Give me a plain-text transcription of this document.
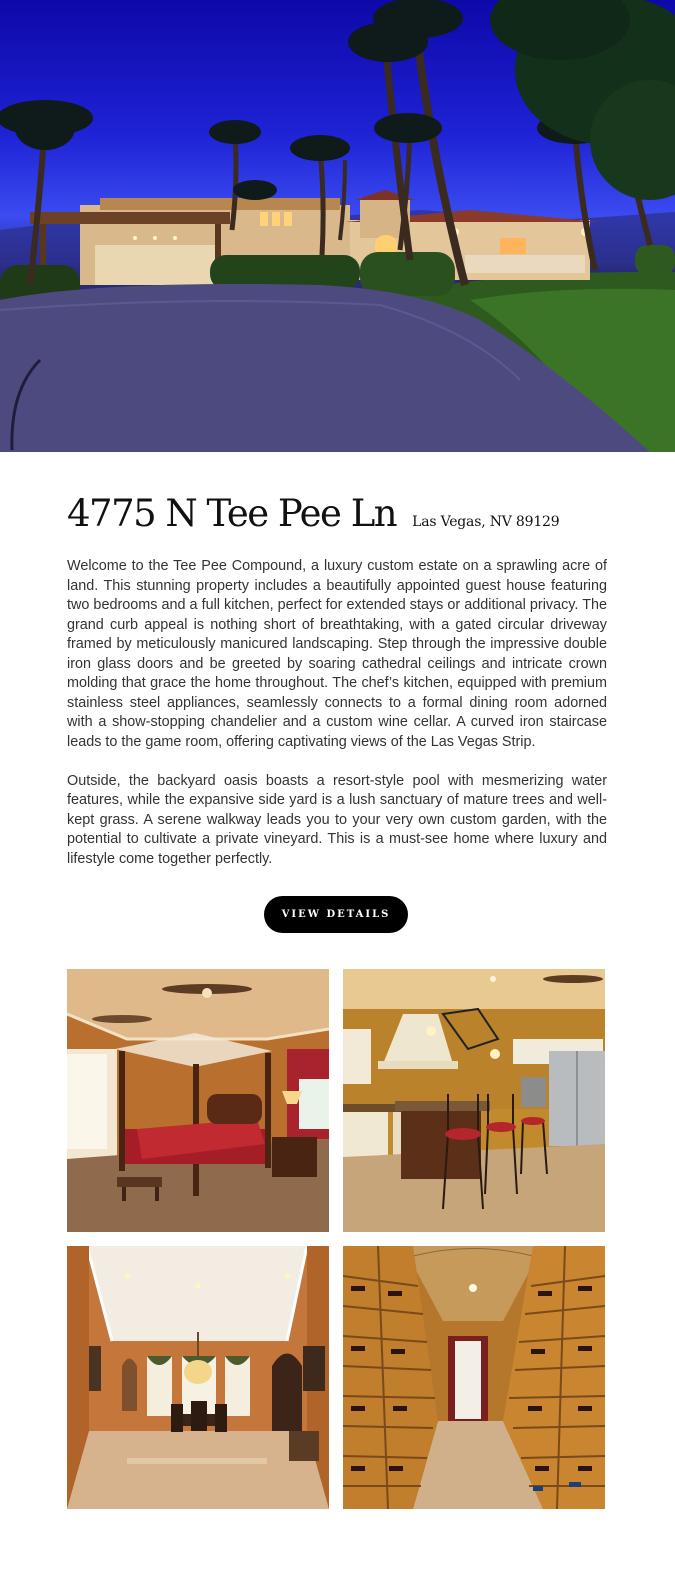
4775 N Tee Pee Ln Las Vegas, NV 89129

Welcome to the Tee Pee Compound, a luxury custom estate on a sprawling acre of land. This stunning property includes a beautifully appointed guest house featuring two bedrooms and a full kitchen, perfect for extended stays or additional privacy. The grand curb appeal is nothing short of breathtaking, with a gated circular driveway framed by meticulously manicured landscaping. Step through the impressive double iron glass doors and be greeted by soaring cathedral ceilings and intricate crown molding that grace the home throughout. The chef’s kitchen, equipped with premium stainless steel appliances, seamlessly connects to a formal dining room adorned with a show-stopping chandelier and a custom wine cellar. A curved iron staircase leads to the game room, offering captivating views of the Las Vegas Strip.

Outside, the backyard oasis boasts a resort-style pool with mesmerizing water features, while the expansive side yard is a lush sanctuary of mature trees and well-kept grass. A serene walkway leads you to your very own custom garden, with the potential to cultivate a private vineyard. This is a must-see home where luxury and lifestyle come together perfectly.

VIEW DETAILS
